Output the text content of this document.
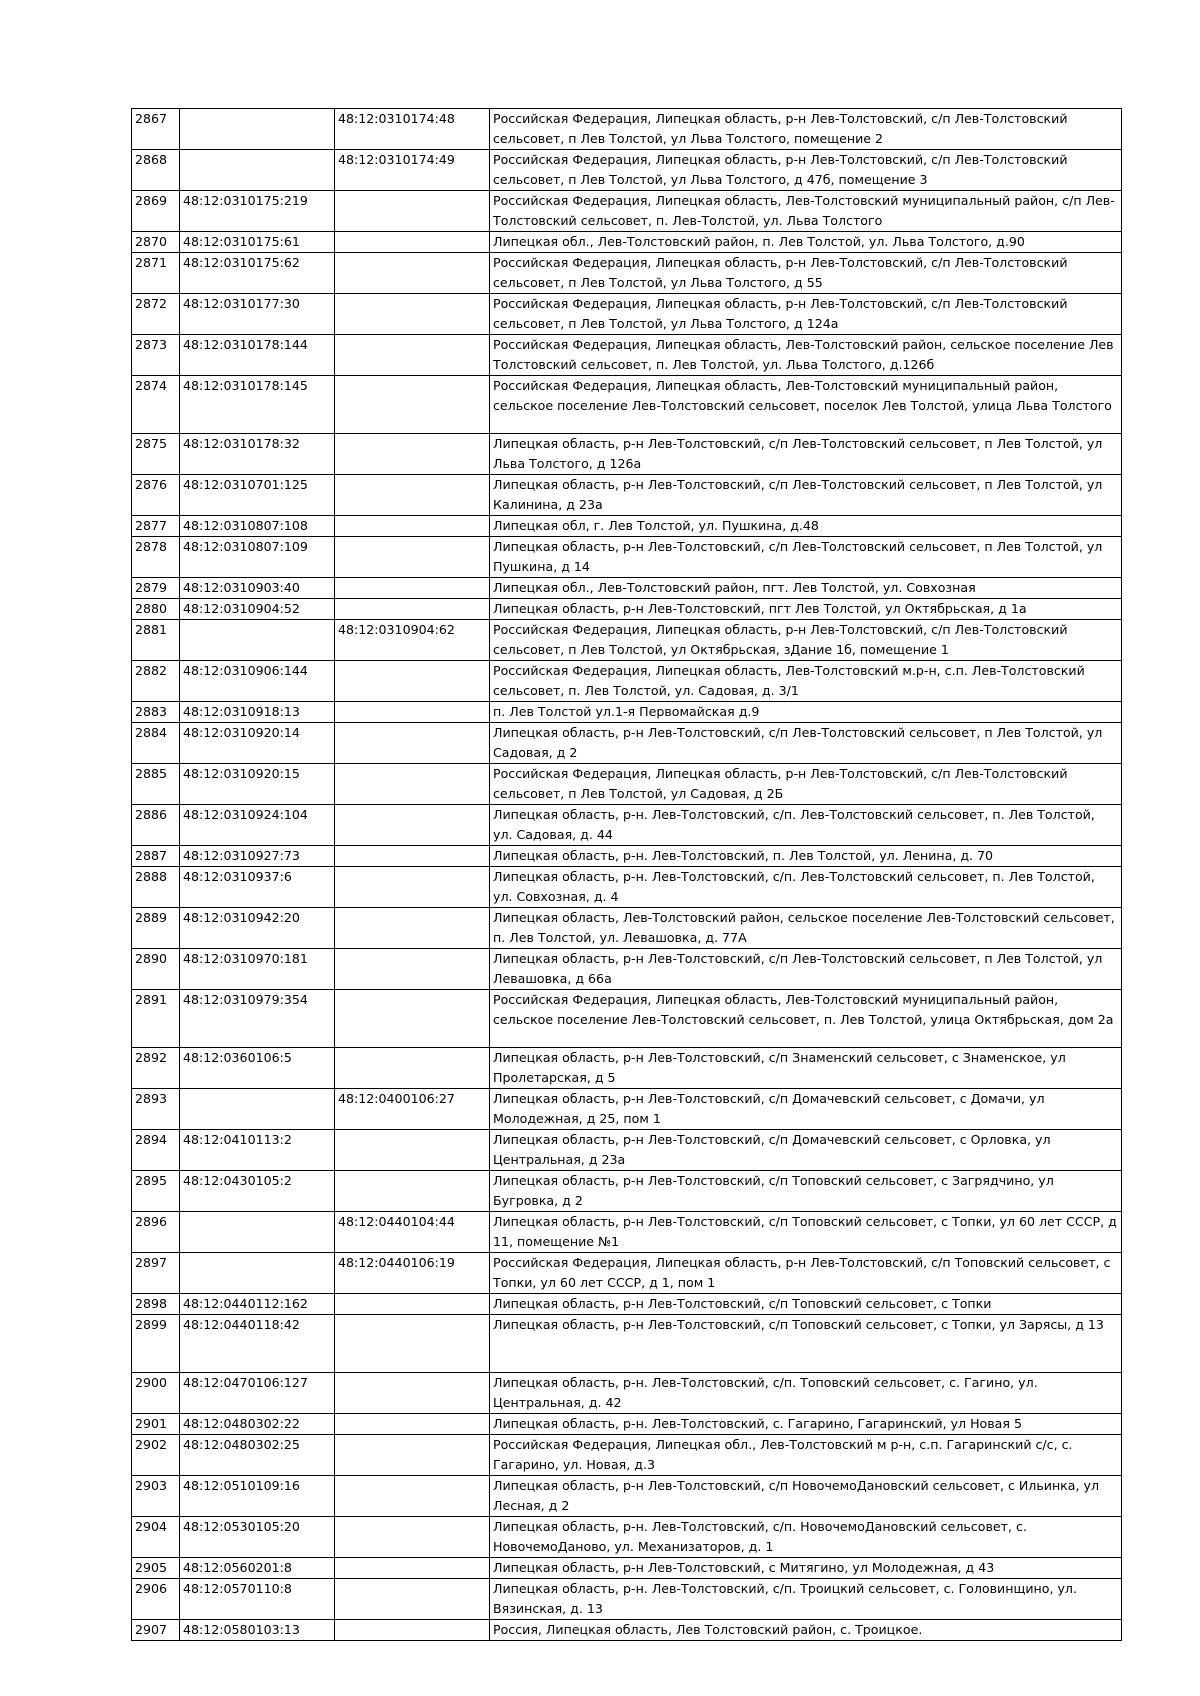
2867		48:12:0310174:48	Российская Федерация, Липецкая область, р-н Лев-Толстовский, с/п Лев-Толстовский сельсовет, п Лев Толстой, ул Льва Толстого, помещение 2
2868		48:12:0310174:49	Российская Федерация, Липецкая область, р-н Лев-Толстовский, с/п Лев-Толстовский сельсовет, п Лев Толстой, ул Льва Толстого, д 47б, помещение 3
2869	48:12:0310175:219		Российская Федерация, Липецкая область, Лев-Толстовский муниципальный район, с/п Лев-Толстовский сельсовет, п. Лев-Толстой, ул. Льва Толстого
2870	48:12:0310175:61		Липецкая обл., Лев-Толстовский район, п. Лев Толстой, ул. Льва Толстого, д.90
2871	48:12:0310175:62		Российская Федерация, Липецкая область, р-н Лев-Толстовский, с/п Лев-Толстовский сельсовет, п Лев Толстой, ул Льва Толстого, д 55
2872	48:12:0310177:30		Российская Федерация, Липецкая область, р-н Лев-Толстовский, с/п Лев-Толстовский сельсовет, п Лев Толстой, ул Льва Толстого, д 124а
2873	48:12:0310178:144		Российская Федерация, Липецкая область, Лев-Толстовский район, сельское поселение Лев Толстовский сельсовет, п. Лев Толстой, ул. Льва Толстого, д.126б
2874	48:12:0310178:145		Российская Федерация, Липецкая область, Лев-Толстовский муниципальный район, сельское поселение Лев-Толстовский сельсовет, поселок Лев Толстой, улица Льва Толстого
2875	48:12:0310178:32		Липецкая область, р-н Лев-Толстовский, с/п Лев-Толстовский сельсовет, п Лев Толстой, ул Льва Толстого, д 126а
2876	48:12:0310701:125		Липецкая область, р-н Лев-Толстовский, с/п Лев-Толстовский сельсовет, п Лев Толстой, ул Калинина, д 23а
2877	48:12:0310807:108		Липецкая обл, г. Лев Толстой, ул. Пушкина, д.48
2878	48:12:0310807:109		Липецкая область, р-н Лев-Толстовский, с/п Лев-Толстовский сельсовет, п Лев Толстой, ул Пушкина, д 14
2879	48:12:0310903:40		Липецкая обл., Лев-Толстовский район, пгт. Лев Толстой, ул. Совхозная
2880	48:12:0310904:52		Липецкая область, р-н Лев-Толстовский, пгт Лев Толстой, ул Октябрьская, д 1а
2881		48:12:0310904:62	Российская Федерация, Липецкая область, р-н Лев-Толстовский, с/п Лев-Толстовский сельсовет, п Лев Толстой, ул Октябрьская, зДание 1б, помещение 1
2882	48:12:0310906:144		Российская Федерация, Липецкая область, Лев-Толстовский м.р-н, с.п. Лев-Толстовский сельсовет, п. Лев Толстой, ул. Садовая, д. 3/1
2883	48:12:0310918:13		п. Лев Толстой ул.1-я Первомайская д.9
2884	48:12:0310920:14		Липецкая область, р-н Лев-Толстовский, с/п Лев-Толстовский сельсовет, п Лев Толстой, ул Садовая, д 2
2885	48:12:0310920:15		Российская Федерация, Липецкая область, р-н Лев-Толстовский, с/п Лев-Толстовский сельсовет, п Лев Толстой, ул Садовая, д 2Б
2886	48:12:0310924:104		Липецкая область, р-н. Лев-Толстовский, с/п. Лев-Толстовский сельсовет, п. Лев Толстой, ул. Садовая, д. 44
2887	48:12:0310927:73		Липецкая область, р-н. Лев-Толстовский, п. Лев Толстой, ул. Ленина, д. 70
2888	48:12:0310937:6		Липецкая область, р-н. Лев-Толстовский, с/п. Лев-Толстовский сельсовет, п. Лев Толстой, ул. Совхозная, д. 4
2889	48:12:0310942:20		Липецкая область, Лев-Толстовский район, сельское поселение Лев-Толстовский сельсовет, п. Лев Толстой, ул. Левашовка, д. 77А
2890	48:12:0310970:181		Липецкая область, р-н Лев-Толстовский, с/п Лев-Толстовский сельсовет, п Лев Толстой, ул Левашовка, д 66а
2891	48:12:0310979:354		Российская Федерация, Липецкая область, Лев-Толстовский муниципальный район, сельское поселение Лев-Толстовский сельсовет, п. Лев Толстой, улица Октябрьская, дом 2а
2892	48:12:0360106:5		Липецкая область, р-н Лев-Толстовский, с/п Знаменский сельсовет, с Знаменское, ул Пролетарская, д 5
2893		48:12:0400106:27	Липецкая область, р-н Лев-Толстовский, с/п Домачевский сельсовет, с Домачи, ул Молодежная, д 25, пом 1
2894	48:12:0410113:2		Липецкая область, р-н Лев-Толстовский, с/п Домачевский сельсовет, с Орловка, ул Центральная, д 23а
2895	48:12:0430105:2		Липецкая область, р-н Лев-Толстовский, с/п Топовский сельсовет, с Загрядчино, ул Бугровка, д 2
2896		48:12:0440104:44	Липецкая область, р-н Лев-Толстовский, с/п Топовский сельсовет, с Топки, ул 60 лет СССР, д 11, помещение №1
2897		48:12:0440106:19	Российская Федерация, Липецкая область, р-н Лев-Толстовский, с/п Топовский сельсовет, с Топки, ул 60 лет СССР, д 1, пом 1
2898	48:12:0440112:162		Липецкая область, р-н Лев-Толстовский, с/п Топовский сельсовет, с Топки
2899	48:12:0440118:42		Липецкая область, р-н Лев-Толстовский, с/п Топовский сельсовет, с Топки, ул Зарясы, д 13
2900	48:12:0470106:127		Липецкая область, р-н. Лев-Толстовский, с/п. Топовский сельсовет, с. Гагино, ул. Центральная, д. 42
2901	48:12:0480302:22		Липецкая область, р-н. Лев-Толстовский, с. Гагарино, Гагаринский, ул Новая 5
2902	48:12:0480302:25		Российская Федерация, Липецкая обл., Лев-Толстовский м р-н, с.п. Гагаринский с/с, с. Гагарино, ул. Новая, д.3
2903	48:12:0510109:16		Липецкая область, р-н Лев-Толстовский, с/п НовочемоДановский сельсовет, с Ильинка, ул Лесная, д 2
2904	48:12:0530105:20		Липецкая область, р-н. Лев-Толстовский, с/п. НовочемоДановский сельсовет, с. НовочемоДаново, ул. Механизаторов, д. 1
2905	48:12:0560201:8		Липецкая область, р-н Лев-Толстовский, с Митягино, ул Молодежная, д 43
2906	48:12:0570110:8		Липецкая область, р-н. Лев-Толстовский, с/п. Троицкий сельсовет, с. Головинщино, ул. Вязинская, д. 13
2907	48:12:0580103:13		Россия, Липецкая область, Лев Толстовский район, с. Троицкое.
